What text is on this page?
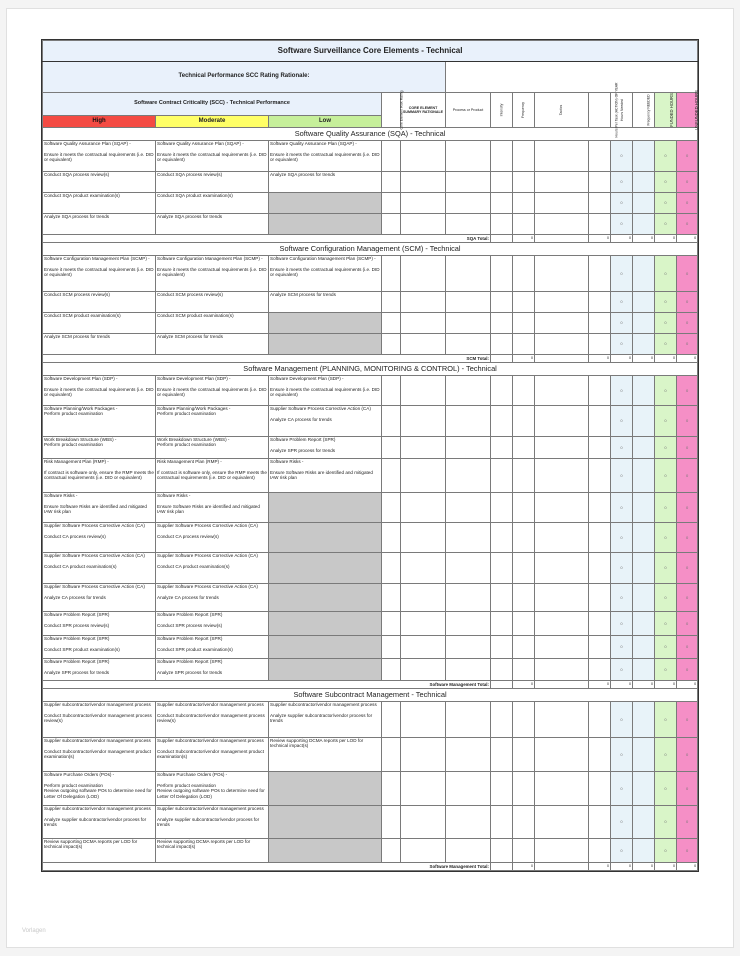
Software Surveillance Core Elements - Technical													
Technical Performance SCC Rating Rationale:													
Software Contract Criticality (SCC) - Technical Performance			Core Element Risk Rating	CORE ELEMENT SUMMARY RATIONALE	Process or Product	Intensity	Frequency	Tactics	Hours Per Task (ACTION) OF YEAR	Hours Needed	Frequency NEEDED	FUNDED HOURS	UNFUNDED HOURS
High	Moderate	Low											
Software Quality Assurance (SQA) - Technical													
Software Quality Assurance Plan (SQAP) -

Ensure it meets the contractual requirements (i.e. DID or equivalent)	Software Quality Assurance Plan (SQAP) -

Ensure it meets the contractual requirements (i.e. DID or equivalent)	Software Quality Assurance Plan (SQAP) -

Ensure it meets the contractual requirements (i.e. DID or equivalent)								0		0	0
Conduct SQA process review(s)	Conduct SQA process review(s)	Analyze SQA process for trends								0		0	0
Conduct SQA product examination(s)	Conduct SQA product examination(s)									0		0	0
Analyze SQA process for trends	Analyze SQA process for trends									0		0	0
SQA Total:							0		0	0	0	0	0
Software Configuration Management (SCM) - Technical													
Software Configuration Management Plan (SCMP) -

Ensure it meets the contractual requirements (i.e. DID or equivalent)	Software Configuration Management Plan (SCMP) -

Ensure it meets the contractual requirements (i.e. DID or equivalent)	Software Configuration Management Plan (SCMP) -

Ensure it meets the contractual requirements (i.e. DID or equivalent)								0		0	0
Conduct SCM process review(s)	Conduct SCM process review(s)	Analyze SCM process for trends								0		0	0
Conduct SCM product examination(s)	Conduct SCM product examination(s)									0		0	0
Analyze SCM process for trends	Analyze SCM process for trends									0		0	0
SCM Total:							0		0	0	0	0	0
Software Management (PLANNING, MONITORING & CONTROL) - Technical													
Software Development Plan (SDP) -

Ensure it meets the contractual requirements (i.e. DID or equivalent)	Software Development Plan (SDP) -

Ensure it meets the contractual requirements (i.e. DID or equivalent)	Software Development Plan (SDP) -

Ensure it meets the contractual requirements (i.e. DID or equivalent)								0		0	0
Software Planning/Work Packages -
Perform product examination	Software Planning/Work Packages -
Perform product examination	Supplier Software Process Corrective Action (CA)

Analyze CA process for trends								0		0	0
Work Breakdown Structure (WBS) -
Perform product examination	Work Breakdown Structure (WBS) -
Perform product examination	Software Problem Report (SPR)

Analyze SPR process for trends								0		0	0
Risk Management Plan (RMP) -

If contract is software only, ensure the RMP meets the contractual requirements (i.e. DID or equivalent)	Risk Management Plan (RMP) -

If contract is software only, ensure the RMP meets the contractual requirements (i.e. DID or equivalent)	Software Risks -

Ensure Software Risks are identified and mitigated IAW risk plan								0		0	0
Software Risks -

Ensure Software Risks are identified and mitigated IAW risk plan	Software Risks -

Ensure Software Risks are identified and mitigated IAW risk plan									0		0	0
Supplier Software Process Corrective Action (CA)

Conduct CA process review(s)	Supplier Software Process Corrective Action (CA)

Conduct CA process review(s)									0		0	0
Supplier Software Process Corrective Action (CA)

Conduct CA product examination(s)	Supplier Software Process Corrective Action (CA)

Conduct CA product examination(s)									0		0	0
Supplier Software Process Corrective Action (CA)

Analyze CA process for trends	Supplier Software Process Corrective Action (CA)

Analyze CA process for trends									0		0	0
Software Problem Report (SPR)

Conduct SPR process review(s)	Software Problem Report (SPR)

Conduct SPR process review(s)									0		0	0
Software Problem Report (SPR)

Conduct SPR product examination(s)	Software Problem Report (SPR)

Conduct SPR product examination(s)									0		0	0
Software Problem Report (SPR)

Analyze SPR process for trends	Software Problem Report (SPR)

Analyze SPR process for trends									0		0	0
Software Management Total:							0		0	0	0	0	0
Software Subcontract Management - Technical													
Supplier subcontractor/vendor management process

Conduct Subcontractor/vendor management process review(s)	Supplier subcontractor/vendor management process

Conduct Subcontractor/vendor management process review(s)	Supplier subcontractor/vendor management process

Analyze supplier subcontractor/vendor process for trends								0		0	0
Supplier subcontractor/vendor management process

Conduct Subcontractor/vendor management product examination(s)	Supplier subcontractor/vendor management process

Conduct Subcontractor/vendor management product examination(s)	Review supporting DCMA reports per LOD for technical impact(s)								0		0	0
Software Purchase Orders (POs) -

Perform product examination
Review outgoing software POs to determine need for Letter Of Delegation (LOD)	Software Purchase Orders (POs) -

Perform product examination
Review outgoing software POs to determine need for Letter Of Delegation (LOD)									0		0	0
Supplier subcontractor/vendor management process

Analyze supplier subcontractor/vendor process for trends	Supplier subcontractor/vendor management process

Analyze supplier subcontractor/vendor process for trends									0		0	0
Review supporting DCMA reports per LOD for technical impact(s)	Review supporting DCMA reports per LOD for technical impact(s)									0		0	0
Software Management Total:							0		0	0	0	0	0
Vorlagen
